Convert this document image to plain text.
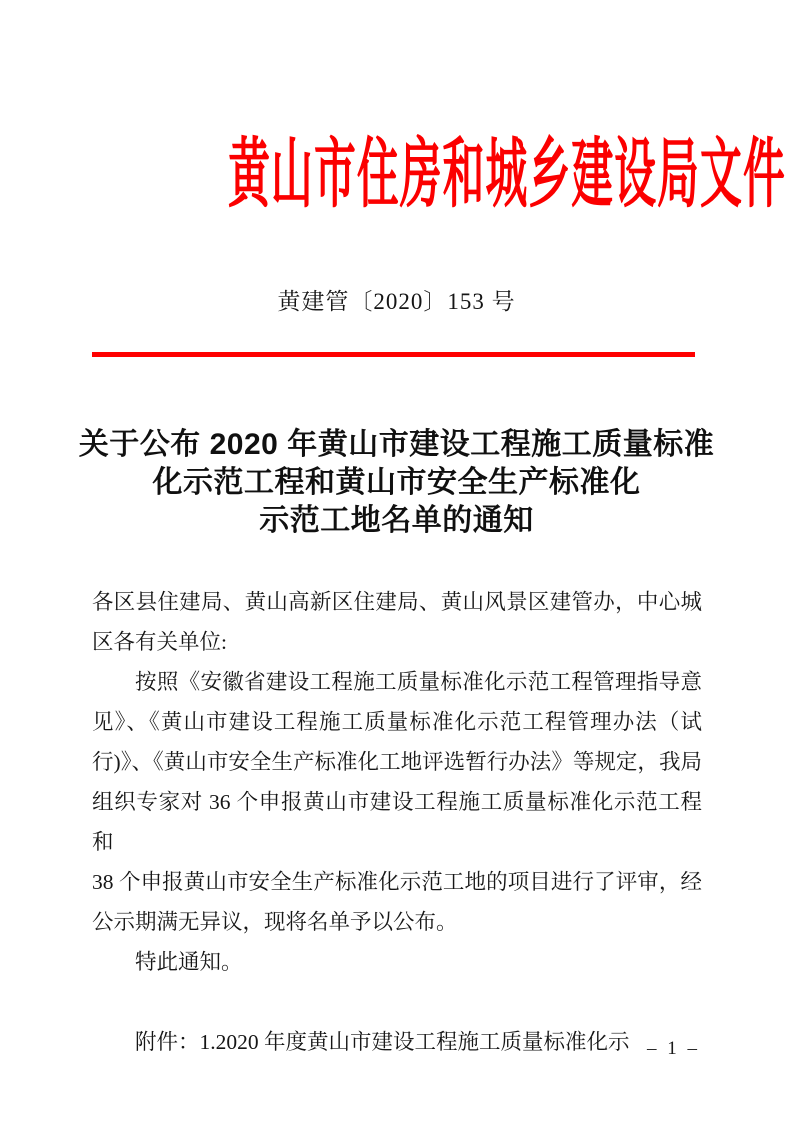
黄山市住房和城乡建设局文件
黄建管〔2020〕153 号
关于公布 2020 年黄山市建设工程施工质量标准
化示范工程和黄山市安全生产标准化
示范工地名单的通知
各区县住建局、黄山高新区住建局、黄山风景区建管办，中心城
区各有关单位:
按照《安徽省建设工程施工质量标准化示范工程管理指导意
见》、《黄山市建设工程施工质量标准化示范工程管理办法（试
行)》、《黄山市安全生产标准化工地评选暂行办法》等规定，我局
组织专家对 36 个申报黄山市建设工程施工质量标准化示范工程和
38 个申报黄山市安全生产标准化示范工地的项目进行了评审，经
公示期满无异议，现将名单予以公布。
特此通知。

附件：1.2020 年度黄山市建设工程施工质量标准化示 – 1 –
